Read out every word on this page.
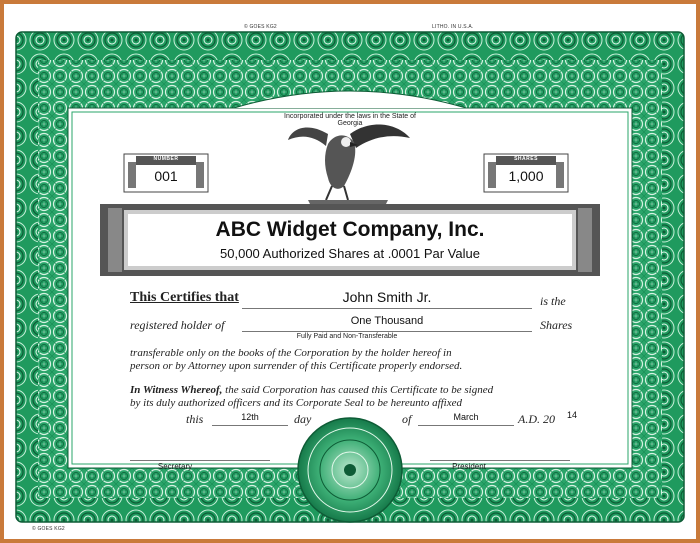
© GOES KG2	LITHO. IN U.S.A.
© GOES KG2
Incorporated under the laws in the State of
Georgia
NUMBER
001
SHARES
1,000
ABC Widget Company, Inc.
50,000 Authorized Shares at .0001 Par Value
This Certifies that	John Smith Jr.	is the
registered holder of	One Thousand	Shares
Fully Paid and Non-Transferable
transferable only on the books of the Corporation by the holder hereof in
person or by Attorney upon surrender of this Certificate properly endorsed.
In Witness Whereof, the said Corporation has caused this Certificate to be signed
by its duly authorized officers and its Corporate Seal to be hereunto affixed
this	12th	day	of	March	A.D. 20 14
Secretary	President
